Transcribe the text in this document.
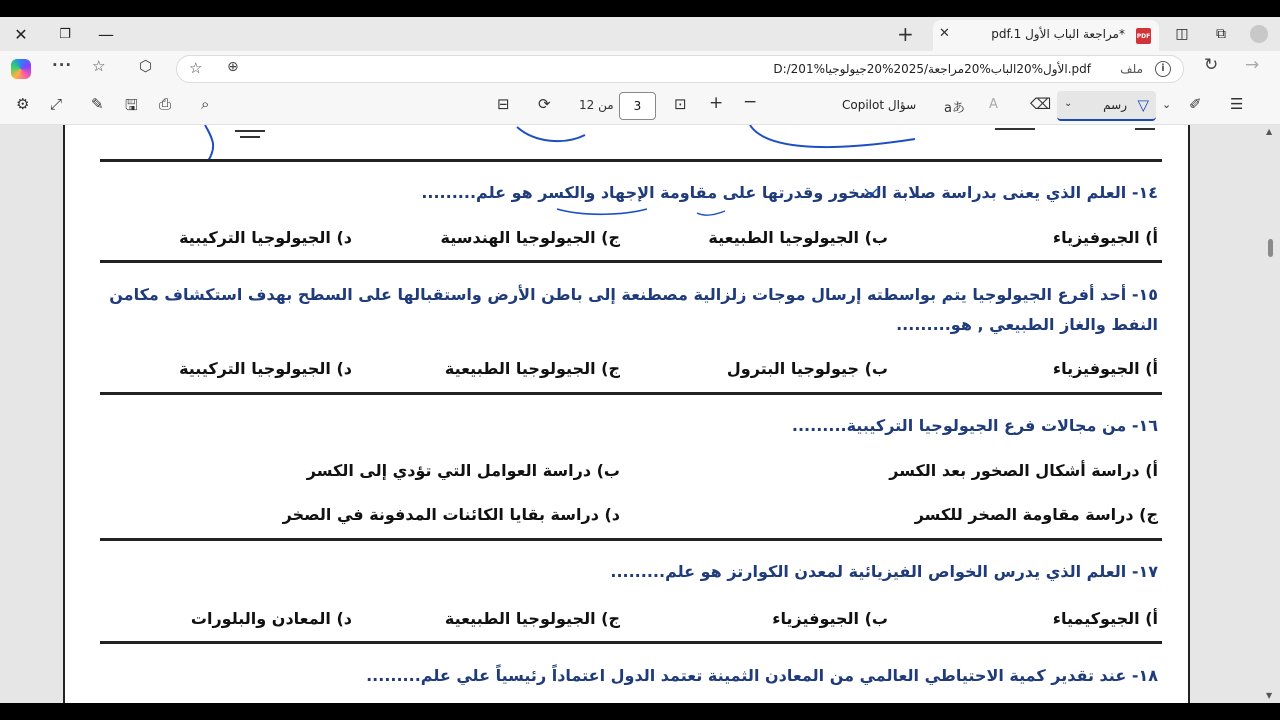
✕	❐	—	+ ✕	*مراجعة الباب الأول pdf.1 PDF	◫	⧉
··· ☆ ⬡ ☆ ⊕	D:/201%الأول%20الباب%20مراجعة/2025%20جيولوجيا.pdf ملف	i	↻ →
⚙ ⤢ ✎ 🖫 ⎙ ⌕	⊟ ⟳ من 12	3	⊡ + −	سؤال Copilot aあ A ⌫ ⌄	رسم ▽ ⌄ ✐ ☰
١٤- العلم الذي يعنى بدراسة صلابة الصخور وقدرتها على مقاومة الإجهاد والكسر هو علم.........
أ) الجيوفيزياء
ب) الجيولوجيا الطبيعية
ج) الجيولوجيا الهندسية
د) الجيولوجيا التركيبية
١٥- أحد أفرع الجيولوجيا يتم بواسطته إرسال موجات زلزالية مصطنعة إلى باطن الأرض واستقبالها على السطح بهدف استكشاف مكامن النفط والغاز الطبيعي , هو.........
أ) الجيوفيزياء
ب) جيولوجيا البترول
ج) الجيولوجيا الطبيعية
د) الجيولوجيا التركيبية
١٦- من مجالات فرع الجيولوجيا التركيبية.........
أ) دراسة أشكال الصخور بعد الكسر
ب) دراسة العوامل التي تؤدي إلى الكسر
ج) دراسة مقاومة الصخر للكسر
د) دراسة بقايا الكائنات المدفونة في الصخر
١٧- العلم الذي يدرس الخواص الفيزيائية لمعدن الكوارتز هو علم.........
أ) الجيوكيمياء
ب) الجيوفيزياء
ج) الجيولوجيا الطبيعية
د) المعادن والبلورات
١٨- عند تقدير كمية الاحتياطي العالمي من المعادن الثمينة تعتمد الدول اعتماداً رئيسياً علي علم.........
▲
▼
